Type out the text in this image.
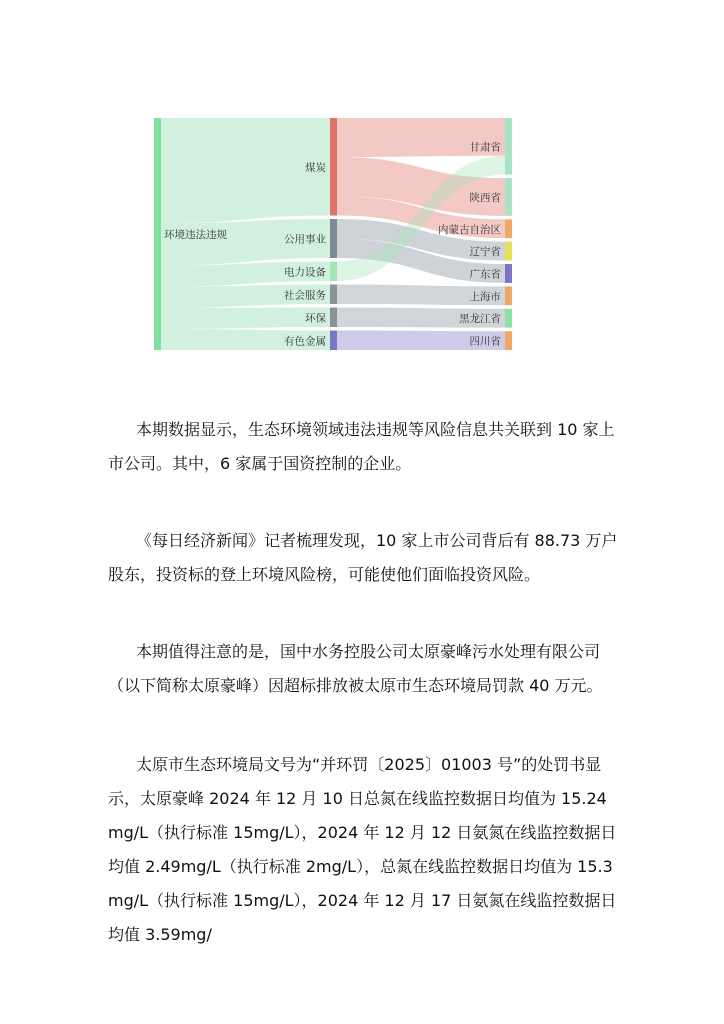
环境违法违规
煤炭
公用事业
电力设备
社会服务
环保
有色金属
甘肃省
陕西省
内蒙古自治区
辽宁省
广东省
上海市
黑龙江省
四川省

本期数据显示，生态环境领域违法违规等风险信息共关联到 10 家上市公司。其中，6 家属于国资控制的企业。

《每日经济新闻》记者梳理发现，10 家上市公司背后有 88.73 万户股东，投资标的登上环境风险榜，可能使他们面临投资风险。

本期值得注意的是，国中水务控股公司太原豪峰污水处理有限公司（以下简称太原豪峰）因超标排放被太原市生态环境局罚款 40 万元。

太原市生态环境局文号为“并环罚〔2025〕01003 号”的处罚书显示，太原豪峰 2024 年 12 月 10 日总氮在线监控数据日均值为 15.24mg/L（执行标准 15mg/L），2024 年 12 月 12 日氨氮在线监控数据日均值 2.49mg/L（执行标准 2mg/L），总氮在线监控数据日均值为 15.3mg/L（执行标准 15mg/L），2024 年 12 月 17 日氨氮在线监控数据日均值 3.59mg/
